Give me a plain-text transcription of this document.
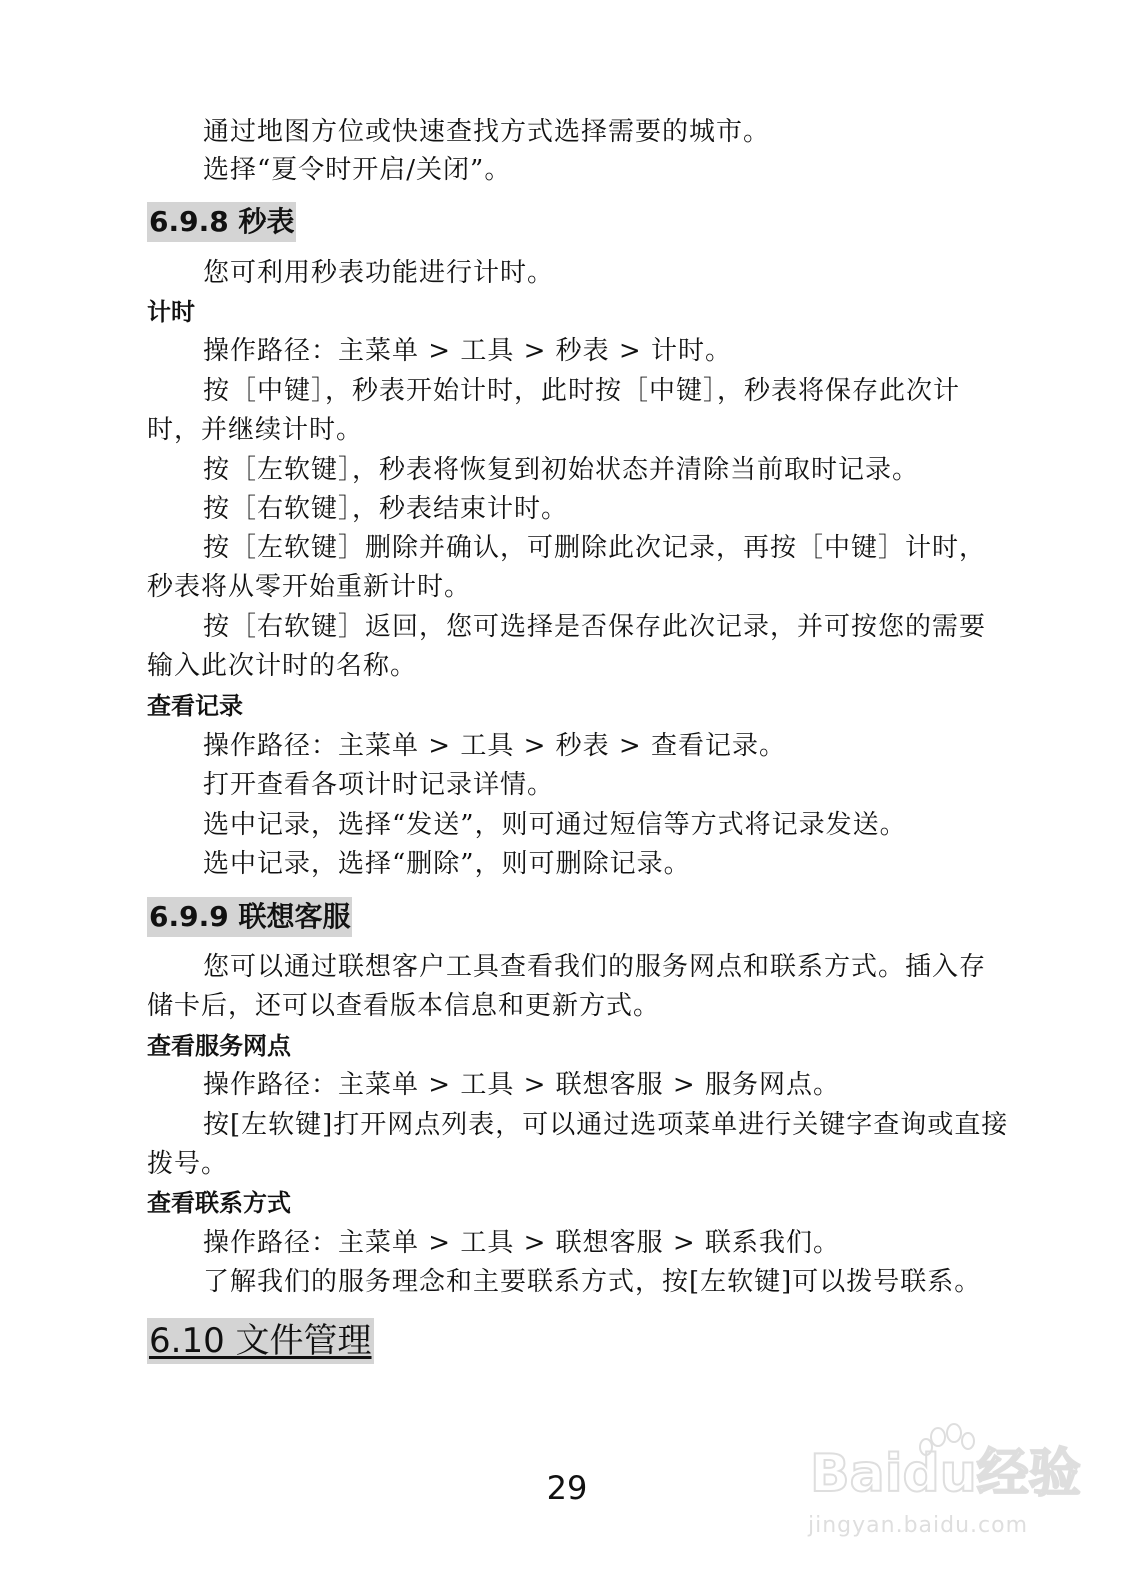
通过地图方位或快速查找方式选择需要的城市。
选择“夏令时开启/关闭”。
6.9.8 秒表
您可利用秒表功能进行计时。
计时
操作路径：主菜单 > 工具 > 秒表 > 计时。
按［中键］，秒表开始计时，此时按［中键］，秒表将保存此次计
时，并继续计时。
按［左软键］，秒表将恢复到初始状态并清除当前取时记录。
按［右软键］，秒表结束计时。
按［左软键］删除并确认，可删除此次记录，再按［中键］计时，
秒表将从零开始重新计时。
按［右软键］返回，您可选择是否保存此次记录，并可按您的需要
输入此次计时的名称。
查看记录
操作路径：主菜单 > 工具 > 秒表 > 查看记录。
打开查看各项计时记录详情。
选中记录，选择“发送”，则可通过短信等方式将记录发送。
选中记录，选择“删除”，则可删除记录。
6.9.9 联想客服
您可以通过联想客户工具查看我们的服务网点和联系方式。插入存
储卡后，还可以查看版本信息和更新方式。
查看服务网点
操作路径：主菜单 > 工具 > 联想客服 > 服务网点。
按[左软键]打开网点列表，可以通过选项菜单进行关键字查询或直接
拨号。
查看联系方式
操作路径：主菜单 > 工具 > 联想客服 > 联系我们。
了解我们的服务理念和主要联系方式，按[左软键]可以拨号联系。
6.10 文件管理
29	Baidu经验
jingyan.baidu.com
